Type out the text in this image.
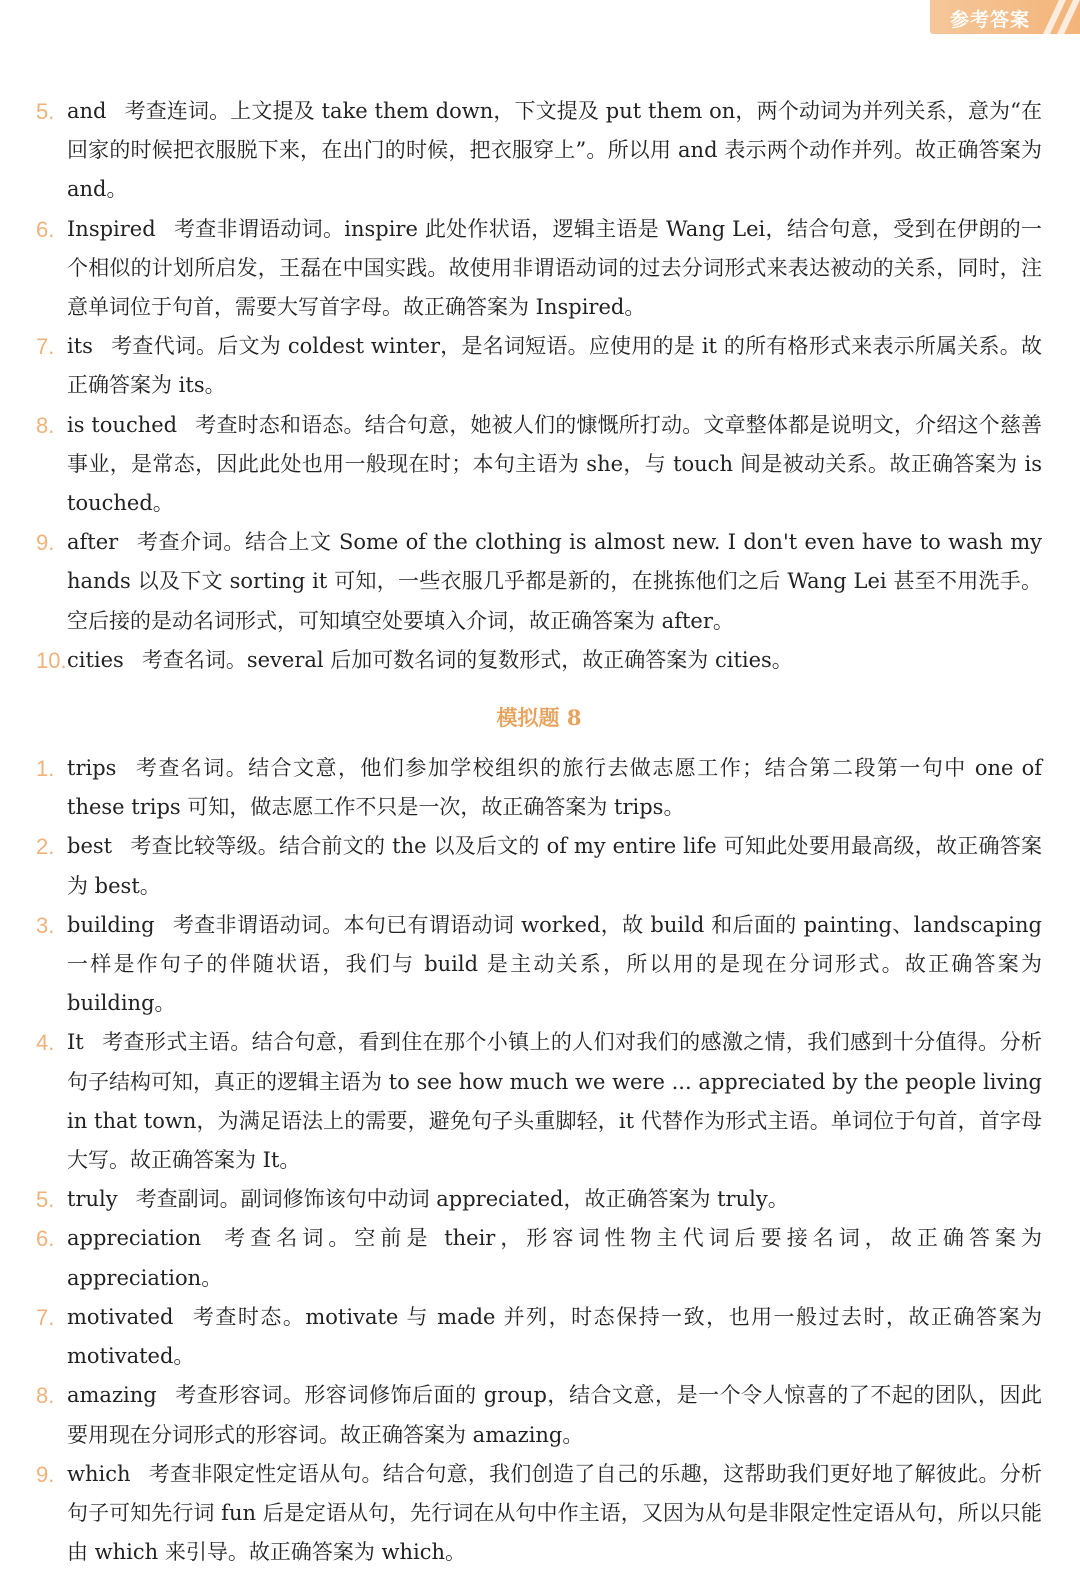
参考答案
5. and 考查连词。上文提及 take them down，下文提及 put them on，两个动词为并列关系，意为“在回家的时候把衣服脱下来，在出门的时候，把衣服穿上”。所以用 and 表示两个动作并列。故正确答案为 and。
6. Inspired 考查非谓语动词。inspire 此处作状语，逻辑主语是 Wang Lei，结合句意，受到在伊朗的一个相似的计划所启发，王磊在中国实践。故使用非谓语动词的过去分词形式来表达被动的关系，同时，注意单词位于句首，需要大写首字母。故正确答案为 Inspired。
7. its 考查代词。后文为 coldest winter，是名词短语。应使用的是 it 的所有格形式来表示所属关系。故正确答案为 its。
8. is touched 考查时态和语态。结合句意，她被人们的慷慨所打动。文章整体都是说明文，介绍这个慈善事业，是常态，因此此处也用一般现在时；本句主语为 she，与 touch 间是被动关系。故正确答案为 is touched。
9. after 考查介词。结合上文 Some of the clothing is almost new. I don't even have to wash my hands 以及下文 sorting it 可知，一些衣服几乎都是新的，在挑拣他们之后 Wang Lei 甚至不用洗手。空后接的是动名词形式，可知填空处要填入介词，故正确答案为 after。
10. cities 考查名词。several 后加可数名词的复数形式，故正确答案为 cities。
模拟题 8
1. trips 考查名词。结合文意，他们参加学校组织的旅行去做志愿工作；结合第二段第一句中 one of these trips 可知，做志愿工作不只是一次，故正确答案为 trips。
2. best 考查比较等级。结合前文的 the 以及后文的 of my entire life 可知此处要用最高级，故正确答案为 best。
3. building 考查非谓语动词。本句已有谓语动词 worked，故 build 和后面的 painting、landscaping 一样是作句子的伴随状语，我们与 build 是主动关系，所以用的是现在分词形式。故正确答案为 building。
4. It 考查形式主语。结合句意，看到住在那个小镇上的人们对我们的感激之情，我们感到十分值得。分析句子结构可知，真正的逻辑主语为 to see how much we were ... appreciated by the people living in that town，为满足语法上的需要，避免句子头重脚轻，it 代替作为形式主语。单词位于句首，首字母大写。故正确答案为 It。
5. truly 考查副词。副词修饰该句中动词 appreciated，故正确答案为 truly。
6. appreciation 考查名词。空前是 their，形容词性物主代词后要接名词，故正确答案为 appreciation。
7. motivated 考查时态。motivate 与 made 并列，时态保持一致，也用一般过去时，故正确答案为 motivated。
8. amazing 考查形容词。形容词修饰后面的 group，结合文意，是一个令人惊喜的了不起的团队，因此要用现在分词形式的形容词。故正确答案为 amazing。
9. which 考查非限定性定语从句。结合句意，我们创造了自己的乐趣，这帮助我们更好地了解彼此。分析句子可知先行词 fun 后是定语从句，先行词在从句中作主语，又因为从句是非限定性定语从句，所以只能由 which 来引导。故正确答案为 which。
